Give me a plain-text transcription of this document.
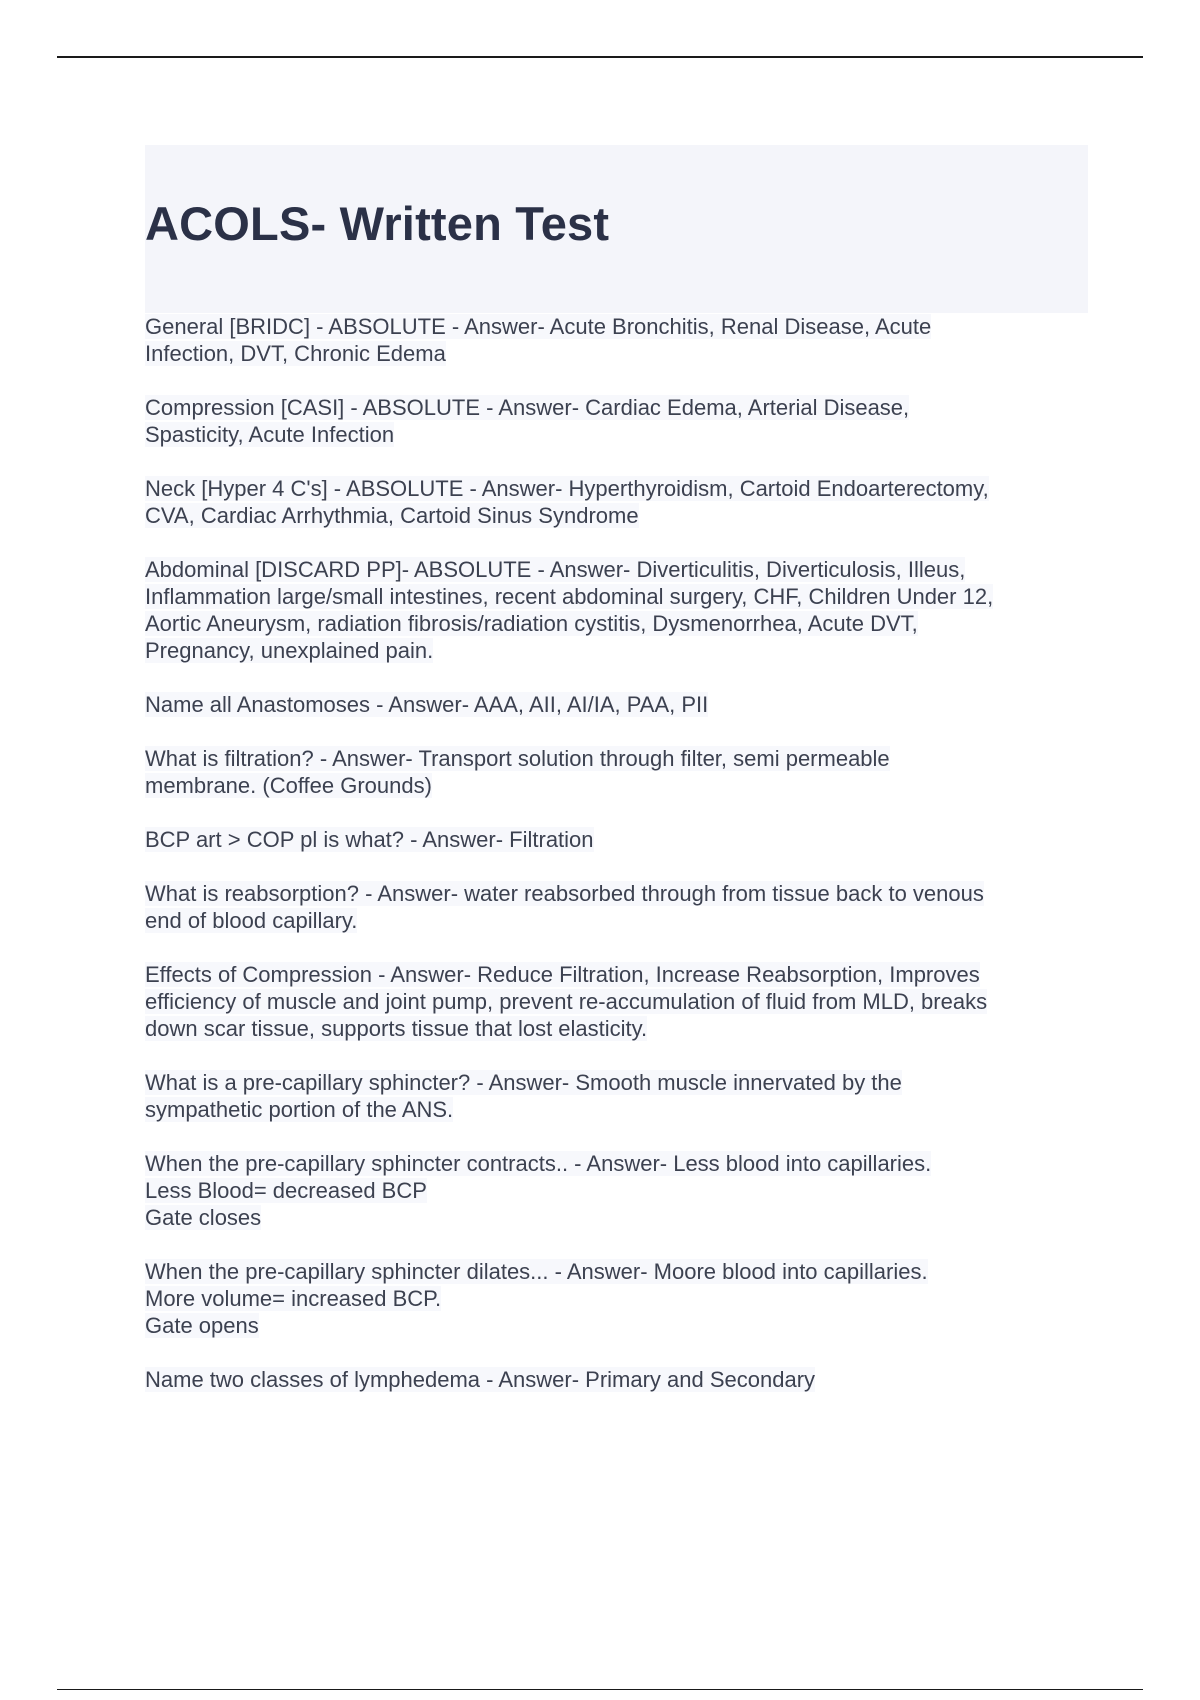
ACOLS- Written Test
General [BRIDC] - ABSOLUTE - Answer- Acute Bronchitis, Renal Disease, Acute
Infection, DVT, Chronic Edema
Compression [CASI] - ABSOLUTE - Answer- Cardiac Edema, Arterial Disease,
Spasticity, Acute Infection
Neck [Hyper 4 C's] - ABSOLUTE - Answer- Hyperthyroidism, Cartoid Endoarterectomy,
CVA, Cardiac Arrhythmia, Cartoid Sinus Syndrome
Abdominal [DISCARD PP]- ABSOLUTE - Answer- Diverticulitis, Diverticulosis, Illeus,
Inflammation large/small intestines, recent abdominal surgery, CHF, Children Under 12,
Aortic Aneurysm, radiation fibrosis/radiation cystitis, Dysmenorrhea, Acute DVT,
Pregnancy, unexplained pain.
Name all Anastomoses - Answer- AAA, AII, AI/IA, PAA, PII
What is filtration? - Answer- Transport solution through filter, semi permeable
membrane. (Coffee Grounds)
BCP art > COP pl is what? - Answer- Filtration
What is reabsorption? - Answer- water reabsorbed through from tissue back to venous
end of blood capillary.
Effects of Compression - Answer- Reduce Filtration, Increase Reabsorption, Improves
efficiency of muscle and joint pump, prevent re-accumulation of fluid from MLD, breaks
down scar tissue, supports tissue that lost elasticity.
What is a pre-capillary sphincter? - Answer- Smooth muscle innervated by the
sympathetic portion of the ANS.
When the pre-capillary sphincter contracts.. - Answer- Less blood into capillaries.
Less Blood= decreased BCP
Gate closes
When the pre-capillary sphincter dilates... - Answer- Moore blood into capillaries.
More volume= increased BCP.
Gate opens
Name two classes of lymphedema - Answer- Primary and Secondary
